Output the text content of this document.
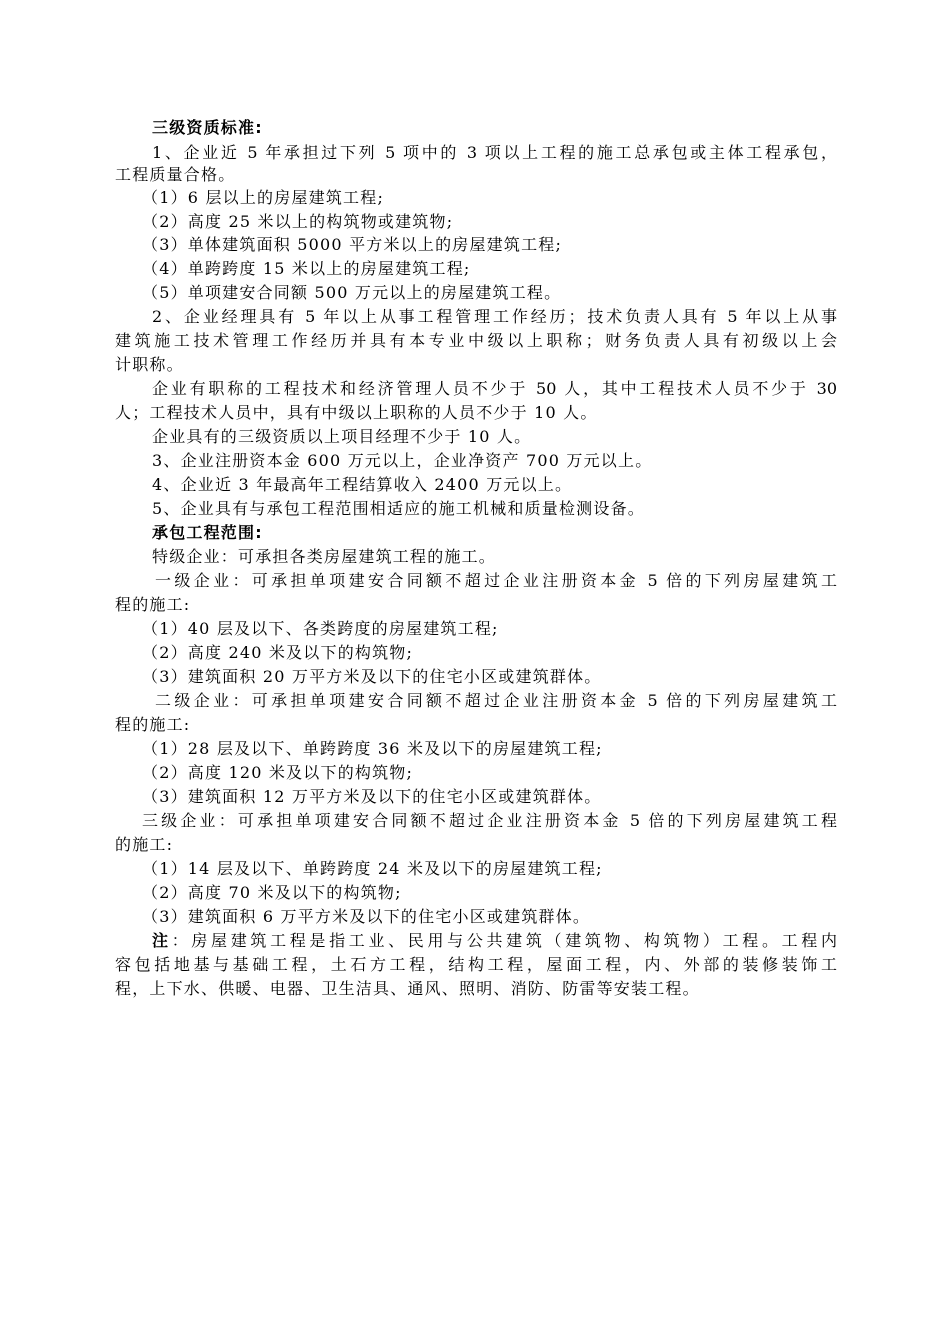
三级资质标准:
1、企业近 5 年承担过下列 5 项中的 3 项以上工程的施工总承包或主体工程承包，
工程质量合格。
（1）6 层以上的房屋建筑工程;
（2）高度 25 米以上的构筑物或建筑物;
（3）单体建筑面积 5000 平方米以上的房屋建筑工程;
（4）单跨跨度 15 米以上的房屋建筑工程;
（5）单项建安合同额 500 万元以上的房屋建筑工程。
2、企业经理具有 5 年以上从事工程管理工作经历；技术负责人具有 5 年以上从事
建筑施工技术管理工作经历并具有本专业中级以上职称；财务负责人具有初级以上会
计职称。
企业有职称的工程技术和经济管理人员不少于 50 人，其中工程技术人员不少于 30
人；工程技术人员中，具有中级以上职称的人员不少于 10 人。
企业具有的三级资质以上项目经理不少于 10 人。
3、企业注册资本金 600 万元以上，企业净资产 700 万元以上。
4、企业近 3 年最高年工程结算收入 2400 万元以上。
5、企业具有与承包工程范围相适应的施工机械和质量检测设备。
承包工程范围:
特级企业：可承担各类房屋建筑工程的施工。
一级企业：可承担单项建安合同额不超过企业注册资本金 5 倍的下列房屋建筑工
程的施工:
（1）40 层及以下、各类跨度的房屋建筑工程;
（2）高度 240 米及以下的构筑物;
（3）建筑面积 20 万平方米及以下的住宅小区或建筑群体。
二级企业：可承担单项建安合同额不超过企业注册资本金 5 倍的下列房屋建筑工
程的施工:
（1）28 层及以下、单跨跨度 36 米及以下的房屋建筑工程;
（2）高度 120 米及以下的构筑物;
（3）建筑面积 12 万平方米及以下的住宅小区或建筑群体。
三级企业：可承担单项建安合同额不超过企业注册资本金 5 倍的下列房屋建筑工程
的施工:
（1）14 层及以下、单跨跨度 24 米及以下的房屋建筑工程;
（2）高度 70 米及以下的构筑物;
（3）建筑面积 6 万平方米及以下的住宅小区或建筑群体。
注：房屋建筑工程是指工业、民用与公共建筑（建筑物、构筑物）工程。工程内
容包括地基与基础工程，土石方工程，结构工程，屋面工程，内、外部的装修装饰工
程，上下水、供暖、电器、卫生洁具、通风、照明、消防、防雷等安装工程。
